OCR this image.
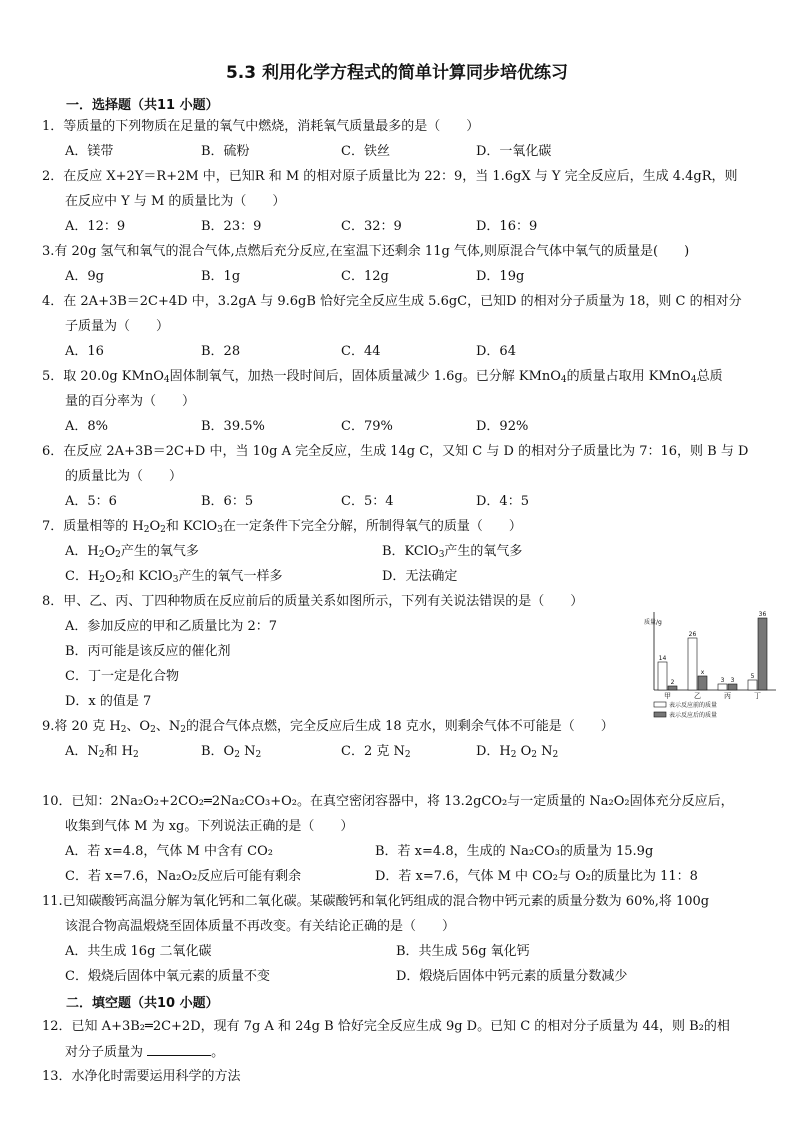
5.3 利用化学方程式的简单计算同步培优练习
一．选择题（共11 小题）
1．等质量的下列物质在足量的氧气中燃烧，消耗氧气质量最多的是（　　）
A．镁带	B．硫粉	C．铁丝	D．一氧化碳
2．在反应 X+2Y＝R+2M 中，已知R 和 M 的相对原子质量比为 22：9，当 1.6gX 与 Y 完全反应后，生成 4.4gR，则
在反应中 Y 与 M 的质量比为（　　）
A．12：9	B．23：9	C．32：9	D．16：9
3.有 20g 氢气和氧气的混合气体,点燃后充分反应,在室温下还剩余 11g 气体,则原混合气体中氧气的质量是(　　)
A．9g	B．1g	C．12g	D．19g
4．在 2A+3B＝2C+4D 中，3.2gA 与 9.6gB 恰好完全反应生成 5.6gC，已知D 的相对分子质量为 18，则 C 的相对分
子质量为（　　）
A．16	B．28	C．44	D．64
5．取 20.0g KMnO$_4$固体制氧气，加热一段时间后，固体质量减少 1.6g。已分解 KMnO$_4$的质量占取用 KMnO$_4$总质
量的百分率为（　　）
A．8%	B．39.5%	C．79%	D．92%
6．在反应 2A+3B＝2C+D 中，当 10g A 完全反应，生成 14g C，又知 C 与 D 的相对分子质量比为 7：16，则 B 与 D
的质量比为（　　）
A．5：6	B．6：5	C．5：4	D．4：5
7．质量相等的 $H_2O_2$和 KClO$_3$在一定条件下完全分解，所制得氧气的质量（　　）
A．$H_2O_2$产生的氧气多	B．KClO$_3$产生的氧气多
C．$H_2O_2$和 KClO$_3$产生的氧气一样多	D．无法确定
8．甲、乙、丙、丁四种物质在反应前后的质量关系如图所示，下列有关说法错误的是（　　）
A．参加反应的甲和乙质量比为 2：7
B．丙可能是该反应的催化剂
C．丁一定是化合物
D．x 的值是 7
质量/g
14
2
26
x
3 3
5
36
甲	乙	丙	丁
表示反应前的质量
表示反应后的质量
9.将 20 克 $H_2$、$O_2$、$N_2$的混合气体点燃，完全反应后生成 18 克水，则剩余气体不可能是（　　）
A．$N_2$和 $H_2$	B．$O_2$ $N_2$	C．2 克 $N_2$	D．$H_2$ $O_2$ $N_2$
10．已知：2Na₂O₂+2CO₂═2Na₂CO₃+O₂。在真空密闭容器中，将 13.2gCO₂与一定质量的 Na₂O₂固体充分反应后，
收集到气体 M 为 xg。下列说法正确的是（　　）
A．若 x=4.8，气体 M 中含有 CO₂	B．若 x=4.8，生成的 Na₂CO₃的质量为 15.9g
C．若 x=7.6，Na₂O₂反应后可能有剩余	D．若 x=7.6，气体 M 中 CO₂与 O₂的质量比为 11：8
11.已知碳酸钙高温分解为氧化钙和二氧化碳。某碳酸钙和氧化钙组成的混合物中钙元素的质量分数为 60%,将 100g
该混合物高温煅烧至固体质量不再改变。有关结论正确的是（　　）
A．共生成 16g 二氧化碳	B．共生成 56g 氧化钙
C．煅烧后固体中氧元素的质量不变	D．煅烧后固体中钙元素的质量分数减少
二．填空题（共10 小题）
12．已知 A+3B₂═2C+2D，现有 7g A 和 24g B 恰好完全反应生成 9g D。已知 C 的相对分子质量为 44，则 B₂的相
对分子质量为	。
13．水净化时需要运用科学的方法
